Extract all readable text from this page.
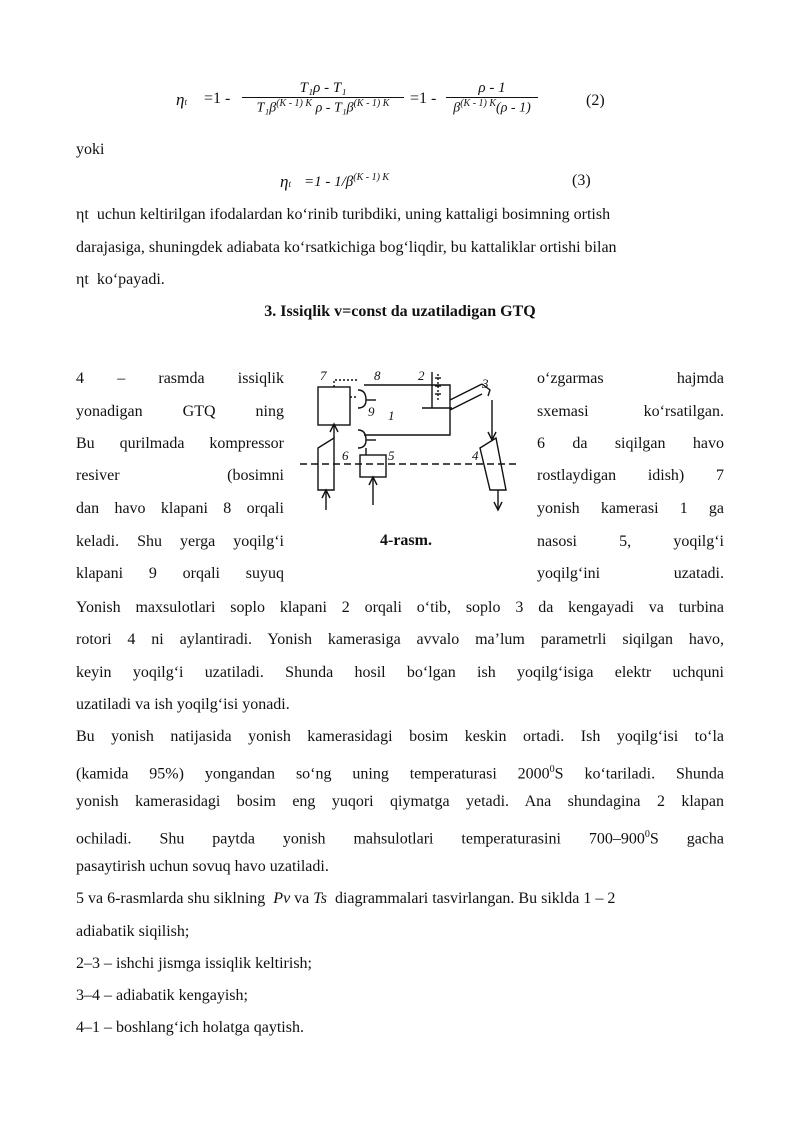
$\eta t =1 - \frac{\text{T₁ρ - T₁}}{T_1\beta^{(K - 1) K} \rho - T_1\beta^{(K - 1) K}} =1 - \frac{\rho - 1}{\beta^{(K - 1) K}(\rho - 1)}$	(2)
yoki
$\eta t =1 - 1/\beta^{(K - 1) K}$	(3)
ηt uchun keltirilgan ifodalardan ko‘rinib turibdiki, uning kattaligi bosimning ortish
darajasiga, shuningdek adiabata ko‘rsatkichiga bog‘liqdir, bu kattaliklar ortishi bilan
ηt ko‘payadi.
3. Issiqlik v=const da uzatiladigan GTQ
4 – rasmda issiqlik
yonadigan	GTQ	ning
Bu qurilmada kompressor
resiver	(bosimni
dan havo klapani 8 orqali
keladi. Shu yerga yoqilg‘i
klapani 9 orqali suyuq
o‘zgarmas	hajmda
sxemasi	ko‘rsatilgan.
6 da siqilgan havo
rostlaydigan idish) 7
yonish kamerasi 1 ga
nasosi	5,	yoqilg‘i
yoqilg‘ini	uzatadi.
7	8	2
3
9 1
6	5	4
4-rasm.
Yonish maxsulotlari soplo klapani 2 orqali o‘tib, soplo 3 da kengayadi va turbina
rotori 4 ni aylantiradi. Yonish kamerasiga avvalo ma’lum parametrli siqilgan havo,
keyin yoqilg‘i uzatiladi. Shunda hosil bo‘lgan ish yoqilg‘isiga elektr uchquni
uzatiladi va ish yoqilg‘isi yonadi.
Bu yonish natijasida yonish kamerasidagi bosim keskin ortadi. Ish yoqilg‘isi to‘la
(kamida 95%) yongandan so‘ng uning temperaturasi 2000$^0$S ko‘tariladi. Shunda
yonish kamerasidagi bosim eng yuqori qiymatga yetadi. Ana shundagina 2 klapan
ochiladi. Shu paytda yonish mahsulotlari temperaturasini $700-900^0S$ gacha
pasaytirish uchun sovuq havo uzatiladi.
5 va 6-rasmlarda shu siklning Pv va Ts diagrammalari tasvirlangan. Bu siklda 1 – 2
adiabatik siqilish;
2–3 – ishchi jismga issiqlik keltirish;
3–4 – adiabatik kengayish;
4–1 – boshlang‘ich holatga qaytish.
